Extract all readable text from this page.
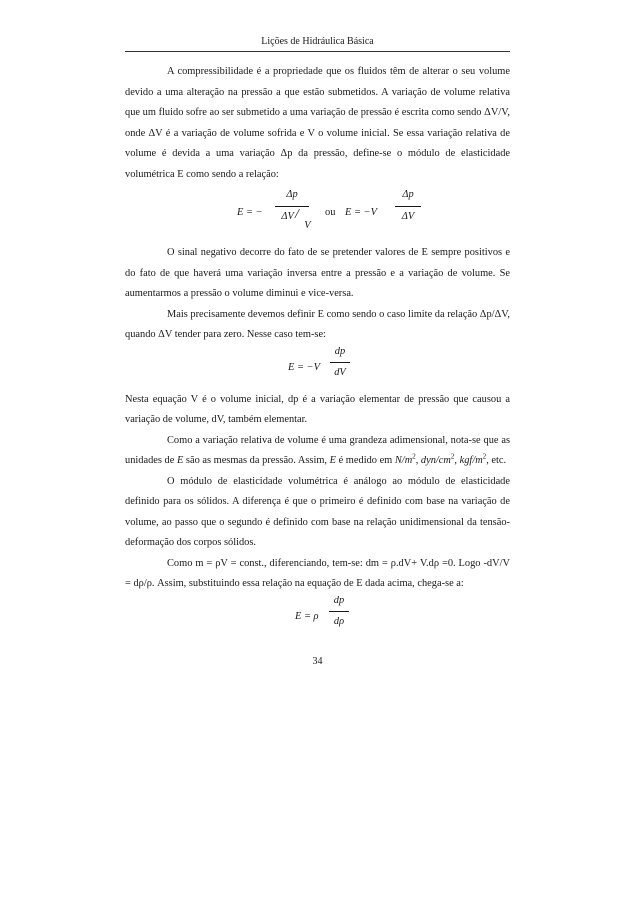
Lições de Hidráulica Básica

A compressibilidade é a propriedade que os fluidos têm de alterar o seu volume devido a uma alteração na pressão a que estão submetidos. A variação de volume relativa que um fluido sofre ao ser submetido a uma variação de pressão é escrita como sendo ΔV/V, onde ΔV é a variação de volume sofrida e V o volume inicial. Se essa variação relativa de volume é devida a uma variação Δp da pressão, define-se o módulo de elasticidade volumétrica E como sendo a relação:

E = −
Δp
ΔV /
V
ou E = −V
Δp
ΔV

O sinal negativo decorre do fato de se pretender valores de E sempre positivos e do fato de que haverá uma variação inversa entre a pressão e a variação de volume. Se aumentarmos a pressão o volume diminui e vice-versa.

Mais precisamente devemos definir E como sendo o caso limite da relação Δp/ΔV, quando ΔV tender para zero. Nesse caso tem-se:

E = −V
dp
dV

Nesta equação V é o volume inicial, dp é a variação elementar de pressão que causou a variação de volume, dV, também elementar.

Como a variação relativa de volume é uma grandeza adimensional, nota-se que as unidades de E são as mesmas da pressão. Assim, E é medido em $N/m^2$, dyn/$cm^2$, kgf/$m^2$, etc.

O módulo de elasticidade volumétrica é análogo ao módulo de elasticidade definido para os sólidos. A diferença é que o primeiro é definido com base na variação de volume, ao passo que o segundo é definido com base na relação unidimensional da tensão-deformação dos corpos sólidos.

Como m = ρV = const., diferenciando, tem-se: dm = ρ.dV+ V.dρ =0. Logo -dV/V = dρ/ρ. Assim, substituindo essa relação na equação de E dada acima, chega-se a:

E = ρ
dp
dρ
34
